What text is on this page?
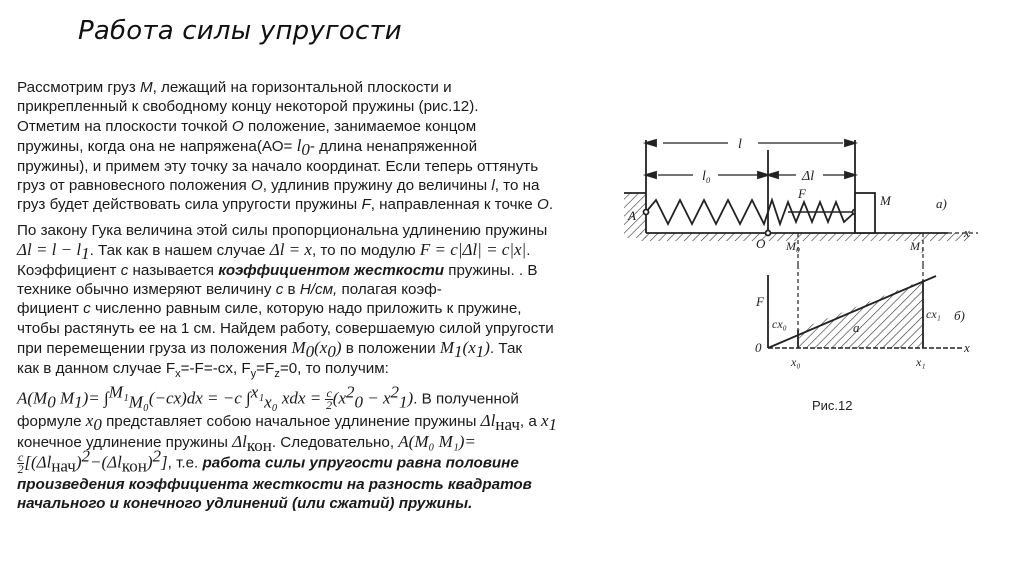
Работа силы упругости

Рассмотрим груз M, лежащий на горизонтальной плоскости и
прикрепленный к свободному концу некоторой пружины (рис.12).
Отметим на плоскости точкой O положение, занимаемое концом
пружины, когда она не напряжена(АО= $l_0-$ длина ненапряженной
пружины), и примем эту точку за начало координат. Если теперь оттянуть
груз от равновесного положения O, удлинив пружину до величины l, то на
груз будет действовать сила упругости пружины F, направленная к точке O.

По закону Гука величина этой силы пропорциональна удлинению пружины
$\Delta l = l - l_1$. Так как в нашем случае Δl = x, то по модулю F = c|Δl| = c|x|.
Коэффициент c называется коэффициентом жесткости пружины. . В
технике обычно измеряют величину c в Н/см, полагая коэф-
фициент c численно равным силе, которую надо приложить к пружине,
чтобы растянуть ее на 1 см. Найдем работу, совершаемую силой упругости
при перемещении груза из положения $M_0(x_0)$ в положении $M_1(x_1)$. Так
как в данном случае $F_x=-F=-cx$, $F_y=F_z=0$, то получим:

$A(M_0$ $M_1)= \int^{M_1}_{M_0}(-cx)dx = -c$ ∫$^{x_1}_{x_0}$ xdx = $\frac{c}{2} (x^2_0 - x^2_1)$. В полученной
формуле $x_0$ представляет собою начальное удлинение пружины $\Delta l_{нач}$, а $x_1$
конечное удлинение пружины $\Delta l_{кон}$. Следовательно, A(M₀ M₁)=

$\frac{c}{2} [(\Delta l_{нач})^2-(\Delta l_{кон})^2]$, т.е. работа силы упругости равна половине произведения коэффициента жесткости на разность квадратов начального и конечного удлинений (или сжатий) пружины.

l
l₀	Δl
F	M
A
O M₀	M₁
x
а)
F
0
cx₀
cx₁
a
x₀	x₁
x
б)
Рис.12
